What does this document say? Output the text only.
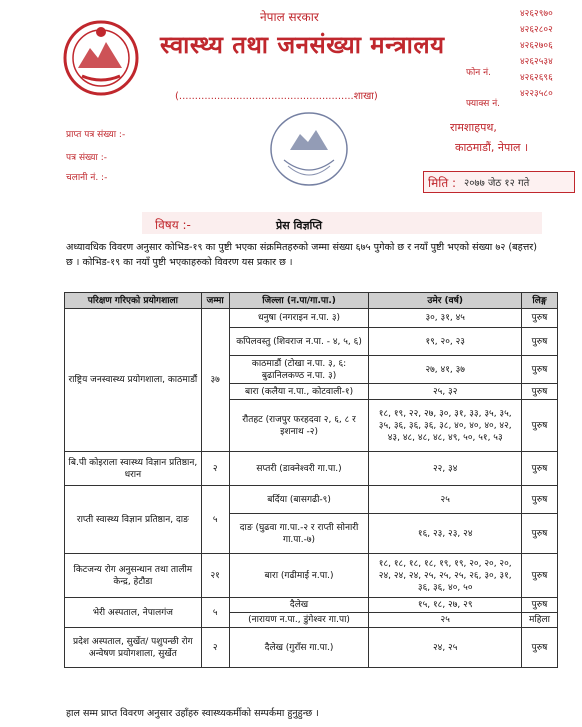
नेपाल सरकार
स्वास्थ्य तथा जनसंख्या मन्त्रालय
(.......................................................शाखा)
४२६२९७०
४२६२८०२
४२६२७०६
४२६२५३४
४२६२६९६
४२२३५८०
फोन नं.
फ्याक्स नं.
प्राप्त पत्र संख्या :-
पत्र संख्या :-
चलानी नं. :-
रामशाहपथ,
काठमाडौं, नेपाल ।
मिति : २०७७ जेठ १२ गते
विषय :-	प्रेस विज्ञप्ति
अध्यावधिक विवरण अनुसार कोभिड-१९ का पुष्टी भएका संक्रमितहरुको जम्मा संख्या ६७५ पुगेको छ र नयाँ पुष्टी भएको संख्या ७२ (बहत्तर) छ । कोभिड-१९ का नयाँ पुष्टी भएकाहरुको विवरण यस प्रकार छ ।
परिक्षण गरिएको प्रयोगशाला	जम्मा	जिल्ला (न.पा/गा.पा.)	उमेर (वर्ष)	लिङ्ग
राष्ट्रिय जनस्वास्थ्य प्रयोगशाला, काठमाडौं	३७	धनुषा (नगराइन न.पा. ३)	३०, ३१, ४५	पुरुष
		कपिलवस्तु (शिवराज न.पा. - ४, ५, ६)	१९, २०, २३	पुरुष
		काठमाडौं (टोखा न.पा. ३, ६: बुढानिलकण्ठ न.पा. ३)	२७, ४१, ३७	पुरुष
		बारा (कलैया न.पा., कोटवाली-१)	२५, ३२	पुरुष
		रौतहट (राजपुर फरहदवा २, ६, ८ र इशनाथ -२)	१८, १९, २२, २७, ३०, ३१, ३३, ३५, ३५, ३५, ३६, ३६, ३६, ३८, ४०, ४०, ४०, ४२, ४३, ४८, ४८, ४८, ४९, ५०, ५१, ५३	पुरुष
बि.पी कोइराला स्वास्थ्य विज्ञान प्रतिष्ठान, धरान	२	सप्तरी (डाक्नेश्वरी गा.पा.)	२२, ३४	पुरुष
राप्ती स्वास्थ्य विज्ञान प्रतिष्ठान, दाङ	५	बर्दिया (बासगढी-९)	२५	पुरुष
		दाङ (घुढवा गा.पा.-२ र राप्ती सोनारी गा.पा.-७)	१६, २३, २३, २४	पुरुष
किटजन्य रोग अनुसन्धान तथा तालीम केन्द्र, हेटौडा	२१	बारा (गढीमाई न.पा.)	१८, १८, १८, १८, १९, १९, २०, २०, २०, २४, २४, २४, २५, २५, २५, २६, ३०, ३१, ३६, ३६, ४०, ५०	पुरुष
भेरी अस्पताल, नेपालगंज	५	दैलेख	१५, १८, २७, २९	पुरुष
		(नारायण न.पा., डुंगेश्वर गा.पा)	२५	महिला
प्रदेश अस्पताल, सुर्खेत/ पशुपन्छी रोग अन्वेषण प्रयोगशाला, सुर्खेत	२	दैलेख (गुराँस गा.पा.)	२४, २५	पुरुष
हाल सम्म प्राप्त विवरण अनुसार उहाँहरु स्वास्थ्यकर्मीको सम्पर्कमा हुनुहुन्छ ।
